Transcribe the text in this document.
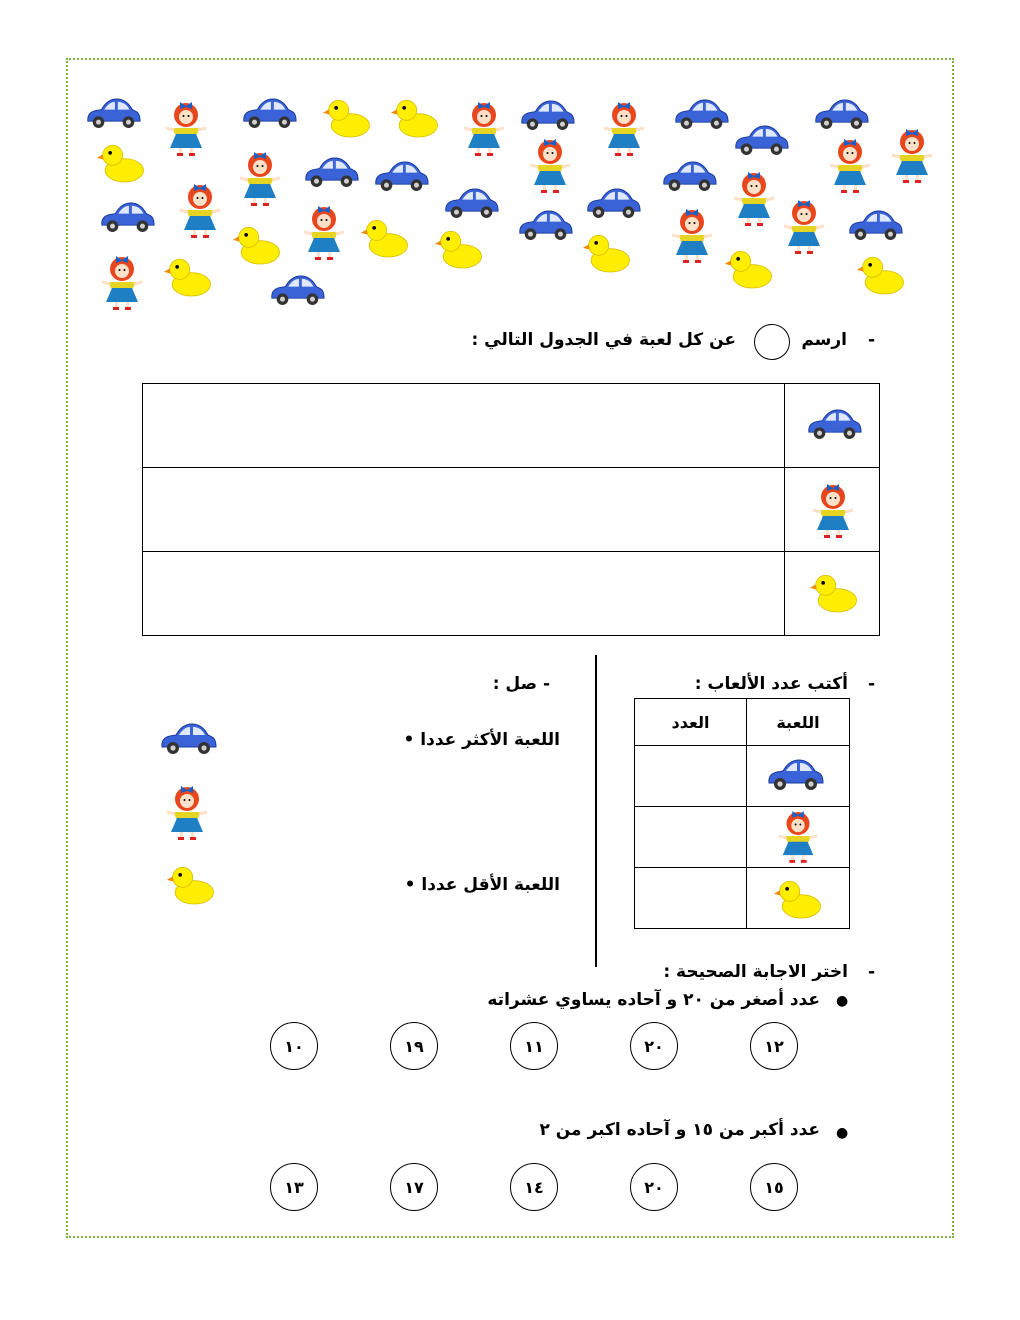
-
ارسم
عن كل لعبة في الجدول التالي :

-
أكتب عدد الألعاب :
العدد	اللعبة

- صل :
اللعبة الأكثر عددا •
اللعبة الأقل عددا •
-
اختر الاجابة الصحيحة :
●
عدد أصغر من ٢٠ و آحاده يساوي عشراته
١٢
٢٠
١١
١٩
١٠
●
عدد أكبر من ١٥ و آحاده اكبر من ٢
١٥
٢٠
١٤
١٧
١٣
